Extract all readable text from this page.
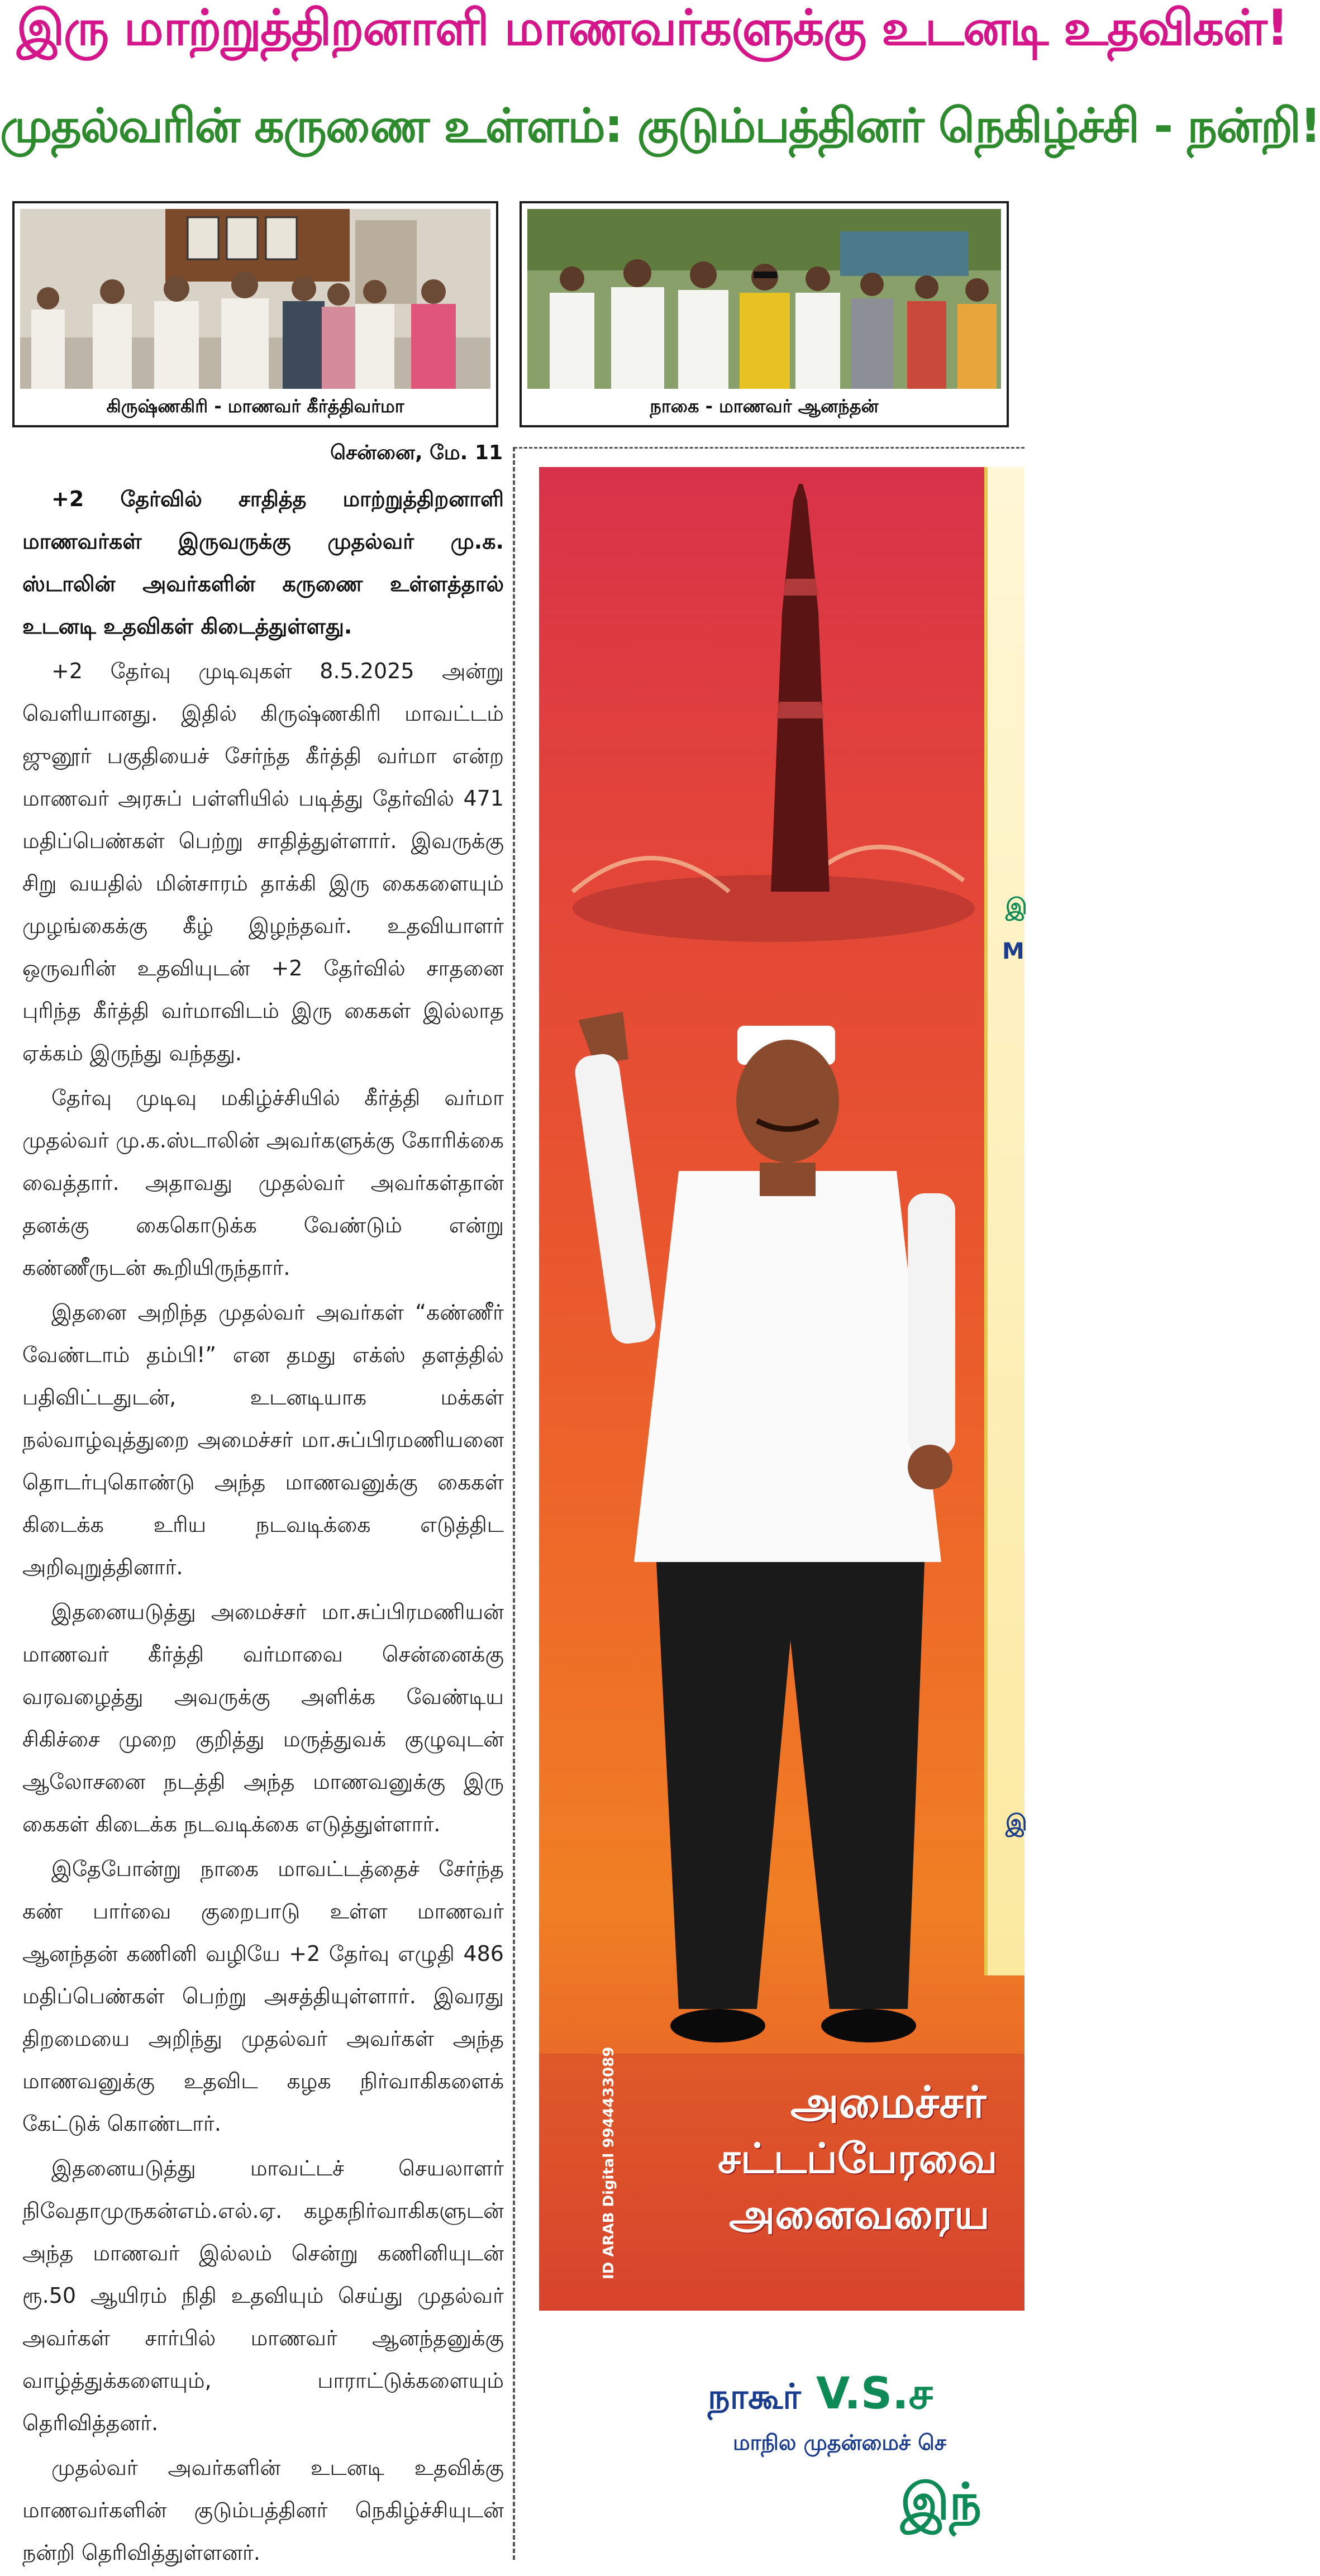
இரு மாற்றுத்திறனாளி மாணவர்களுக்கு உடனடி உதவிகள்!
முதல்வரின் கருணை உள்ளம்: குடும்பத்தினர் நெகிழ்ச்சி - நன்றி!
கிருஷ்ணகிரி - மாணவர் கீர்த்திவர்மா	நாகை - மாணவர் ஆனந்தன்
சென்னை, மே. 11

+2 தேர்வில் சாதித்த மாற்றுத்திறனாளி மாணவர்கள் இருவருக்கு முதல்வர் மு.க. ஸ்டாலின் அவர்களின் கருணை உள்ளத்தால் உடனடி உதவிகள் கிடைத்துள்ளது.

+2 தேர்வு முடிவுகள் 8.5.2025 அன்று வெளியானது. இதில் கிருஷ்ணகிரி மாவட்டம் ஜுனூர் பகுதியைச் சேர்ந்த கீர்த்தி வர்மா என்ற மாணவர் அரசுப் பள்ளியில் படித்து தேர்வில் 471 மதிப்பெண்கள் பெற்று சாதித்துள்ளார். இவருக்கு சிறு வயதில் மின்சாரம் தாக்கி இரு கைகளையும் முழங்கைக்கு கீழ் இழந்தவர். உதவியாளர் ஒருவரின் உதவியுடன் +2 தேர்வில் சாதனை புரிந்த கீர்த்தி வர்மாவிடம் இரு கைகள் இல்லாத ஏக்கம் இருந்து வந்தது.

தேர்வு முடிவு மகிழ்ச்சியில் கீர்த்தி வர்மா முதல்வர் மு.க.ஸ்டாலின் அவர்களுக்கு கோரிக்கை வைத்தார். அதாவது முதல்வர் அவர்கள்தான் தனக்கு கைகொடுக்க வேண்டும் என்று கண்ணீருடன் கூறியிருந்தார்.

இதனை அறிந்த முதல்வர் அவர்கள் “கண்ணீர் வேண்டாம் தம்பி!” என தமது எக்ஸ் தளத்தில் பதிவிட்டதுடன், உடனடியாக மக்கள் நல்வாழ்வுத்துறை அமைச்சர் மா.சுப்பிரமணியனை தொடர்புகொண்டு அந்த மாணவனுக்கு கைகள் கிடைக்க உரிய நடவடிக்கை எடுத்திட அறிவுறுத்தினார்.

இதனையடுத்து அமைச்சர் மா.சுப்பிரமணியன் மாணவர் கீர்த்தி வர்மாவை சென்னைக்கு வரவழைத்து அவருக்கு அளிக்க வேண்டிய சிகிச்சை முறை குறித்து மருத்துவக் குழுவுடன் ஆலோசனை நடத்தி அந்த மாணவனுக்கு இரு கைகள் கிடைக்க நடவடிக்கை எடுத்துள்ளார்.

இதேபோன்று நாகை மாவட்டத்தைச் சேர்ந்த கண் பார்வை குறைபாடு உள்ள மாணவர் ஆனந்தன் கணினி வழியே +2 தேர்வு எழுதி 486 மதிப்பெண்கள் பெற்று அசத்தியுள்ளார். இவரது திறமையை அறிந்து முதல்வர் அவர்கள் அந்த மாணவனுக்கு உதவிட கழக நிர்வாகிகளைக் கேட்டுக் கொண்டார்.

இதனையடுத்து மாவட்டச் செயலாளர் நிவேதாமுருகன்எம்.எல்.ஏ. கழகநிர்வாகிகளுடன் அந்த மாணவர் இல்லம் சென்று கணினியுடன் ரூ.50 ஆயிரம் நிதி உதவியும் செய்து முதல்வர் அவர்கள் சார்பில் மாணவர் ஆனந்தனுக்கு வாழ்த்துக்களையும், பாராட்டுக்களையும் தெரிவித்தனர்.

முதல்வர் அவர்களின் உடனடி உதவிக்கு மாணவர்களின் குடும்பத்தினர் நெகிழ்ச்சியுடன் நன்றி தெரிவித்துள்ளனர்.

அமைச்சர்
சட்டப்பேரவை
அனைவரைய
இ
M
இ
ID ARAB Digital 9944433089
நாகூர் V.S.ச
மாநில முதன்மைச் செ
இந்
